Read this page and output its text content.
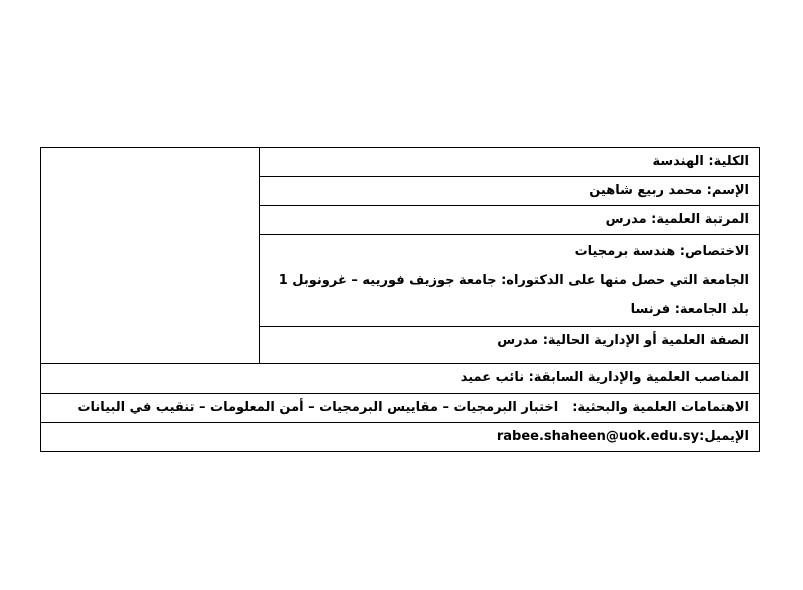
الكلية: الهندسة	
الإسم: محمد ربيع شاهين
المرتبة العلمية: مدرس

الاختصاص: هندسة برمجيات
الجامعة التي حصل منها على الدكتوراه: جامعة جوزيف فورييه – غرونوبل 1
بلد الجامعة: فرنسا

الصفة العلمية أو الإدارية الحالية: مدرس
المناصب العلمية والإدارية السابقة: نائب عميد
الاهتمامات العلمية والبحثية:اختبار البرمجيات – مقاييس البرمجيات – أمن المعلومات – تنقيب في البيانات
الإيميل:rabee.shaheen@uok.edu.sy
